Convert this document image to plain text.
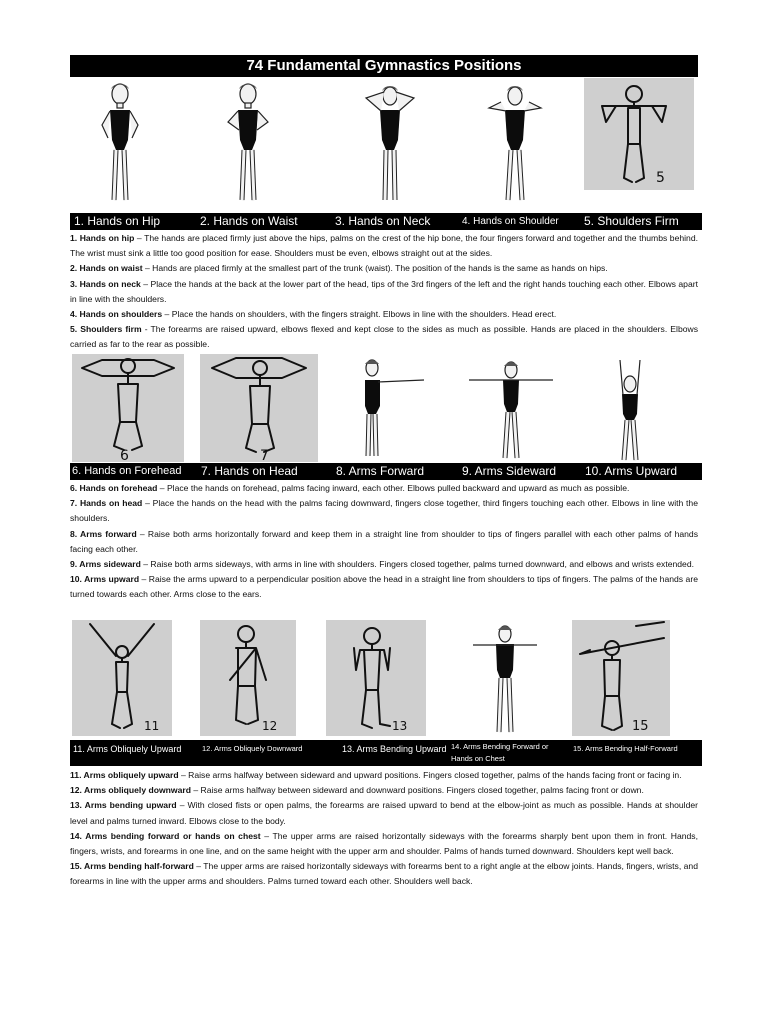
74 Fundamental Gymnastics Positions
5
1. Hands on Hip	2. Hands on Waist	3. Hands on Neck	4. Hands on Shoulder 5. Shoulders Firm

1. Hands on hip – The hands are placed firmly just above the hips, palms on the crest of the hip bone, the four fingers forward and together and the thumbs behind. The wrist must sink a little too good position for ease. Shoulders must be even, elbows straight out at the sides.

2. Hands on waist – Hands are placed firmly at the smallest part of the trunk (waist). The position of the hands is the same as hands on hips.

3. Hands on neck – Place the hands at the back at the lower part of the head, tips of the 3rd fingers of the left and the right hands touching each other. Elbows apart in line with the shoulders.

4. Hands on shoulders – Place the hands on shoulders, with the fingers straight. Elbows in line with the shoulders. Head erect.

5. Shoulders firm - The forearms are raised upward, elbows flexed and kept close to the sides as much as possible. Hands are placed in the shoulders. Elbows carried as far to the rear as possible.

6	7
6. Hands on Forehead 7. Hands on Head	8. Arms Forward	9. Arms Sideward 10. Arms Upward

6. Hands on forehead – Place the hands on forehead, palms facing inward, each other. Elbows pulled backward and upward as much as possible.

7. Hands on head – Place the hands on the head with the palms facing downward, fingers close together, third fingers touching each other. Elbows in line with the shoulders.

8. Arms forward – Raise both arms horizontally forward and keep them in a straight line from shoulder to tips of fingers parallel with each other palms of hands facing each other.

9. Arms sideward – Raise both arms sideways, with arms in line with shoulders. Fingers closed together, palms turned downward, and elbows and wrists extended.

10. Arms upward – Raise the arms upward to a perpendicular position above the head in a straight line from shoulders to tips of fingers. The palms of the hands are turned towards each other. Arms close to the ears.

11	12	13	15
11. Arms Obliquely Upward	12. Arms Obliquely Downward	13. Arms Bending Upward 14. Arms Bending Forward or Hands on Chest
15. Arms Bending Half-Forward

11. Arms obliquely upward – Raise arms halfway between sideward and upward positions. Fingers closed together, palms of the hands facing front or facing in.

12. Arms obliquely downward – Raise arms halfway between sideward and downward positions. Fingers closed together, palms facing front or down.

13. Arms bending upward – With closed fists or open palms, the forearms are raised upward to bend at the elbow-joint as much as possible. Hands at shoulder level and palms turned inward. Elbows close to the body.

14. Arms bending forward or hands on chest – The upper arms are raised horizontally sideways with the forearms sharply bent upon them in front. Hands, fingers, wrists, and forearms in one line, and on the same height with the upper arm and shoulder. Palms of hands turned downward. Shoulders kept well back.

15. Arms bending half-forward – The upper arms are raised horizontally sideways with forearms bent to a right angle at the elbow joints. Hands, fingers, wrists, and forearms in line with the upper arms and shoulders. Palms turned toward each other. Shoulders well back.
